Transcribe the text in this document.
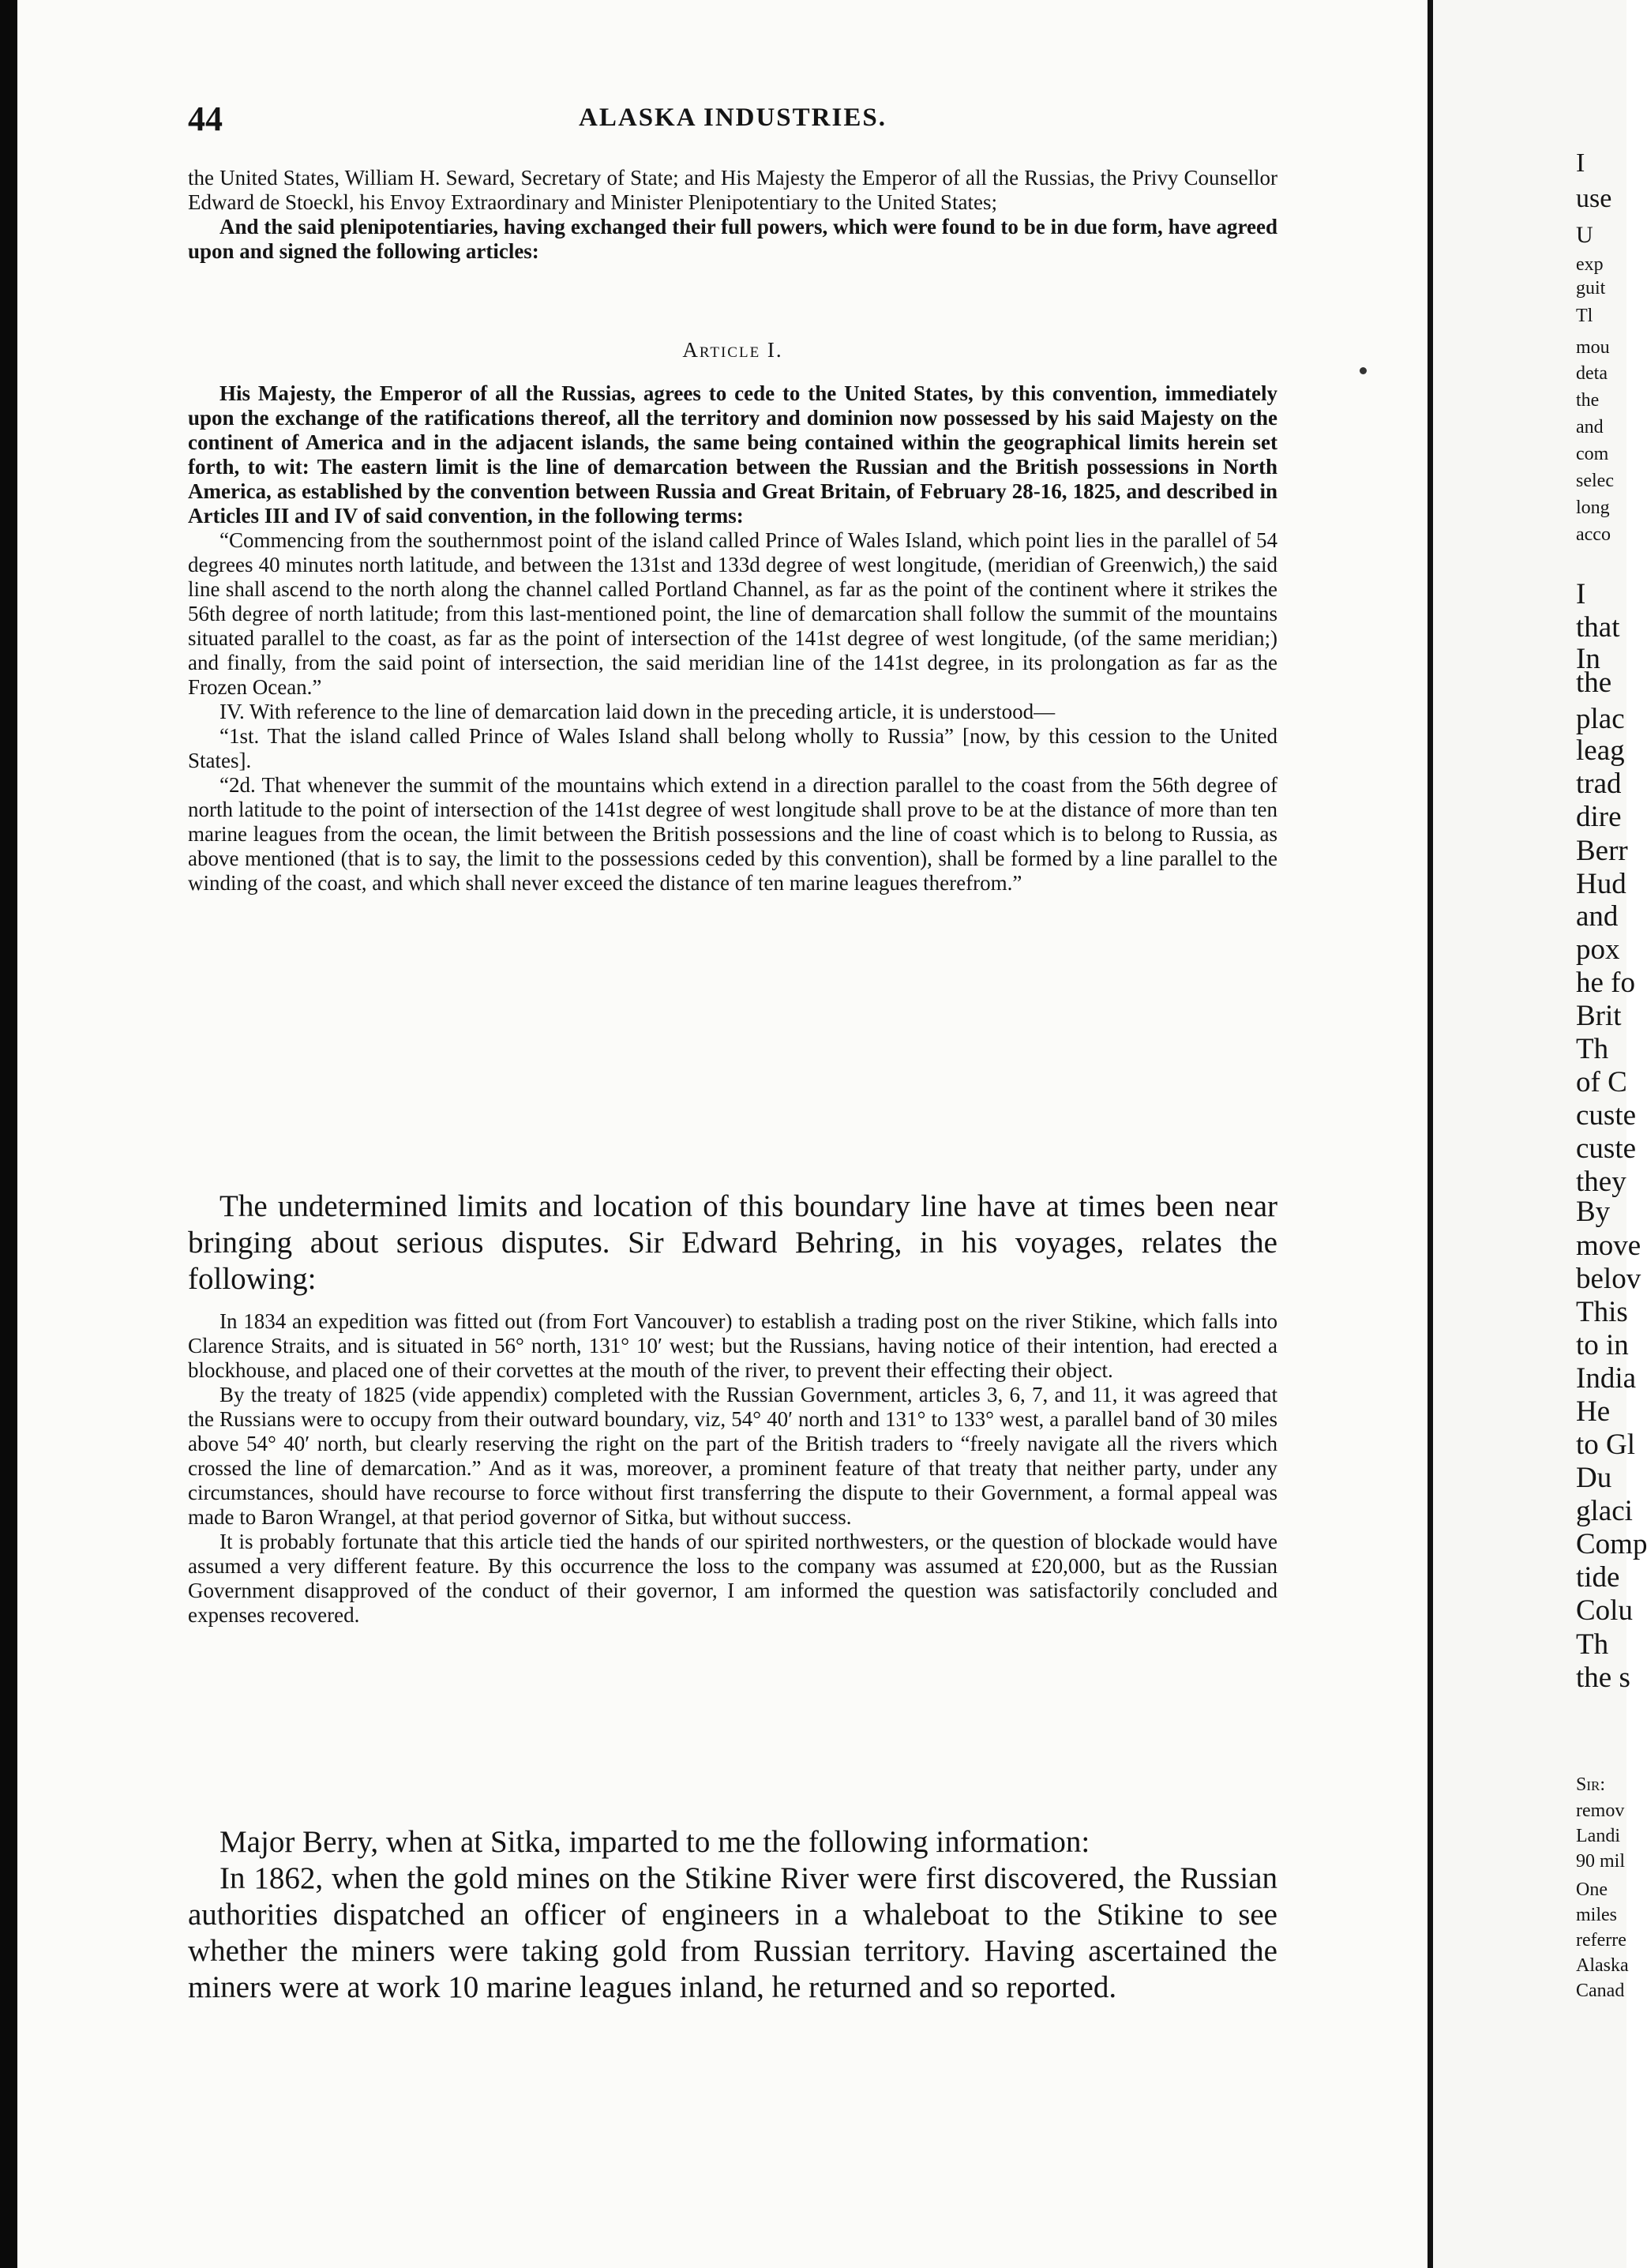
44	ALASKA INDUSTRIES.

the United States, William H. Seward, Secretary of State; and His Majesty the Emperor of all the Russias, the Privy Counsellor Edward de Stoeckl, his Envoy Extraordinary and Minister Plenipotentiary to the United States;

And the said plenipotentiaries, having exchanged their full powers, which were found to be in due form, have agreed upon and signed the following articles:

Article I.

His Majesty, the Emperor of all the Russias, agrees to cede to the United States, by this convention, immediately upon the exchange of the ratifications thereof, all the territory and dominion now possessed by his said Majesty on the continent of America and in the adjacent islands, the same being contained within the geographical limits herein set forth, to wit: The eastern limit is the line of demarcation between the Russian and the British possessions in North America, as established by the convention between Russia and Great Britain, of February 28-16, 1825, and described in Articles III and IV of said convention, in the following terms:

“Commencing from the southernmost point of the island called Prince of Wales Island, which point lies in the parallel of 54 degrees 40 minutes north latitude, and between the 131st and 133d degree of west longitude, (meridian of Greenwich,) the said line shall ascend to the north along the channel called Portland Channel, as far as the point of the continent where it strikes the 56th degree of north latitude; from this last-mentioned point, the line of demarcation shall follow the summit of the mountains situated parallel to the coast, as far as the point of intersection of the 141st degree of west longitude, (of the same meridian;) and finally, from the said point of intersection, the said meridian line of the 141st degree, in its prolongation as far as the Frozen Ocean.”

IV. With reference to the line of demarcation laid down in the preceding article, it is understood—

“1st. That the island called Prince of Wales Island shall belong wholly to Russia” [now, by this cession to the United States].

“2d. That whenever the summit of the mountains which extend in a direction parallel to the coast from the 56th degree of north latitude to the point of intersection of the 141st degree of west longitude shall prove to be at the distance of more than ten marine leagues from the ocean, the limit between the British possessions and the line of coast which is to belong to Russia, as above mentioned (that is to say, the limit to the possessions ceded by this convention), shall be formed by a line parallel to the winding of the coast, and which shall never exceed the distance of ten marine leagues therefrom.”

The undetermined limits and location of this boundary line have at times been near bringing about serious disputes. Sir Edward Behring, in his voyages, relates the following:

In 1834 an expedition was fitted out (from Fort Vancouver) to establish a trading post on the river Stikine, which falls into Clarence Straits, and is situated in 56° north, 131° 10′ west; but the Russians, having notice of their intention, had erected a blockhouse, and placed one of their corvettes at the mouth of the river, to prevent their effecting their object.

By the treaty of 1825 (vide appendix) completed with the Russian Government, articles 3, 6, 7, and 11, it was agreed that the Russians were to occupy from their outward boundary, viz, 54° 40′ north and 131° to 133° west, a parallel band of 30 miles above 54° 40′ north, but clearly reserving the right on the part of the British traders to “freely navigate all the rivers which crossed the line of demarcation.” And as it was, moreover, a prominent feature of that treaty that neither party, under any circumstances, should have recourse to force without first transferring the dispute to their Government, a formal appeal was made to Baron Wrangel, at that period governor of Sitka, but without success.

It is probably fortunate that this article tied the hands of our spirited northwesters, or the question of blockade would have assumed a very different feature. By this occurrence the loss to the company was assumed at £20,000, but as the Russian Government disapproved of the conduct of their governor, I am informed the question was satisfactorily concluded and expenses recovered.

Major Berry, when at Sitka, imparted to me the following information:

In 1862, when the gold mines on the Stikine River were first discovered, the Russian authorities dispatched an officer of engineers in a whaleboat to the Stikine to see whether the miners were taking gold from Russian territory. Having ascertained the miners were at work 10 marine leagues inland, he returned and so reported.

I
use
U
exp
guit
Tl
mou
deta
the
and
com
selec
long
acco
I
that
In
the
plac
leag
trad
dire
Berr
Hud
and
pox
he fo
Brit
Th
of C
custe
custe
they
By
move
belov
This
to in
India
He
to Gl
Du
glaci
Comp
tide
Colu
Th
the s
Sir:
remov
Landi
90 mil
One
miles
referre
Alaska
Canad
